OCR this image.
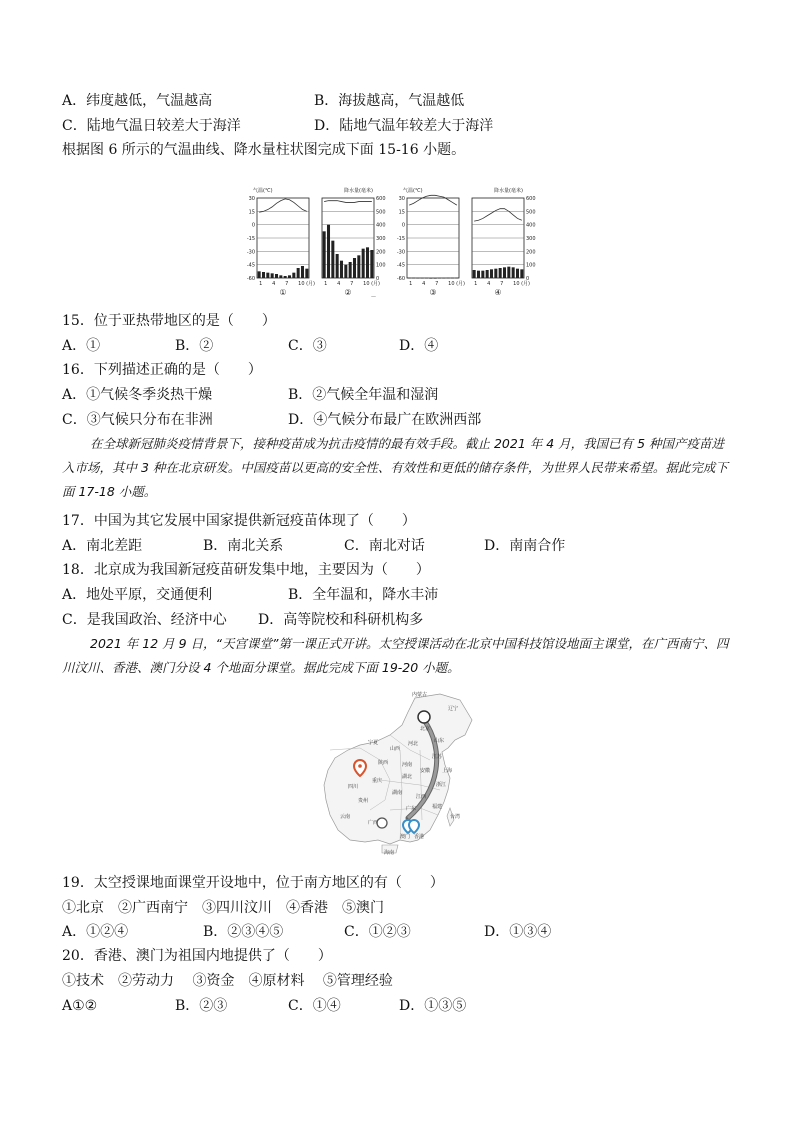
A．纬度越低，气温越高	B．海拔越高，气温越低
C．陆地气温日较差大于海洋	D．陆地气温年较差大于海洋
根据图 6 所示的气温曲线、降水量柱状图完成下面 15-16 小题。
30
15
0
-15
-30
-45
-60
气温(℃)
1 4 7 10 (月)
①
600
500
400
300
200
100
0
降水量(毫米)
1 4 7 10 (月)
②
30
15
0
-15
-30
-45
-60
气温(℃)
1 4 7 10 (月)
③
600
500
400
300
200
100
0
降水量(毫米)
1 4 7 10 (月)
④
—
15．位于亚热带地区的是（　　）
A．①	B．②	C．③	D．④
16．下列描述正确的是（　　）
A．①气候冬季炎热干燥	B．②气候全年温和湿润
C．③气候只分布在非洲	D．④气候分布最广在欧洲西部
在全球新冠肺炎疫情背景下，接种疫苗成为抗击疫情的最有效手段。截止 2021 年 4 月，我国已有 5 种国产疫苗进入市场，其中 3 种在北京研发。中国疫苗以更高的安全性、有效性和更低的储存条件，为世界人民带来希望。据此完成下面 17-18 小题。
17．中国为其它发展中国家提供新冠疫苗体现了（　　）
A．南北差距	B．南北关系	C．南北对话	D．南南合作
18．北京成为我国新冠疫苗研发集中地，主要因为（　　）
A．地处平原，交通便利	B．全年温和，降水丰沛
C．是我国政治、经济中心 D．高等院校和科研机构多
2021 年 12 月 9 日，“天宫课堂”第一课正式开讲。太空授课活动在北京中国科技馆设地面主课堂，在广西南宁、四川汶川、香港、澳门分设 4 个地面分课堂。据此完成下面 19-20 小题。
内蒙古
辽宁
北京
宁夏
山西
河北	山东
陕西	河南
江苏
安徽 上海
四川
湖北
重庆
浙江
湖南
江西
贵州
福建
云南
广西
广东
台湾
澳门 香港
海南
19．太空授课地面课堂开设地中，位于南方地区的有（　　）
①北京　②广西南宁　③四川汶川　④香港　⑤澳门
A．①②④	B．②③④⑤	C．①②③	D．①③④
20．香港、澳门为祖国内地提供了（　　）
①技术　②劳动力　 ③资金　④原材料　 ⑤管理经验
A①②	B．②③	C．①④	D．①③⑤
